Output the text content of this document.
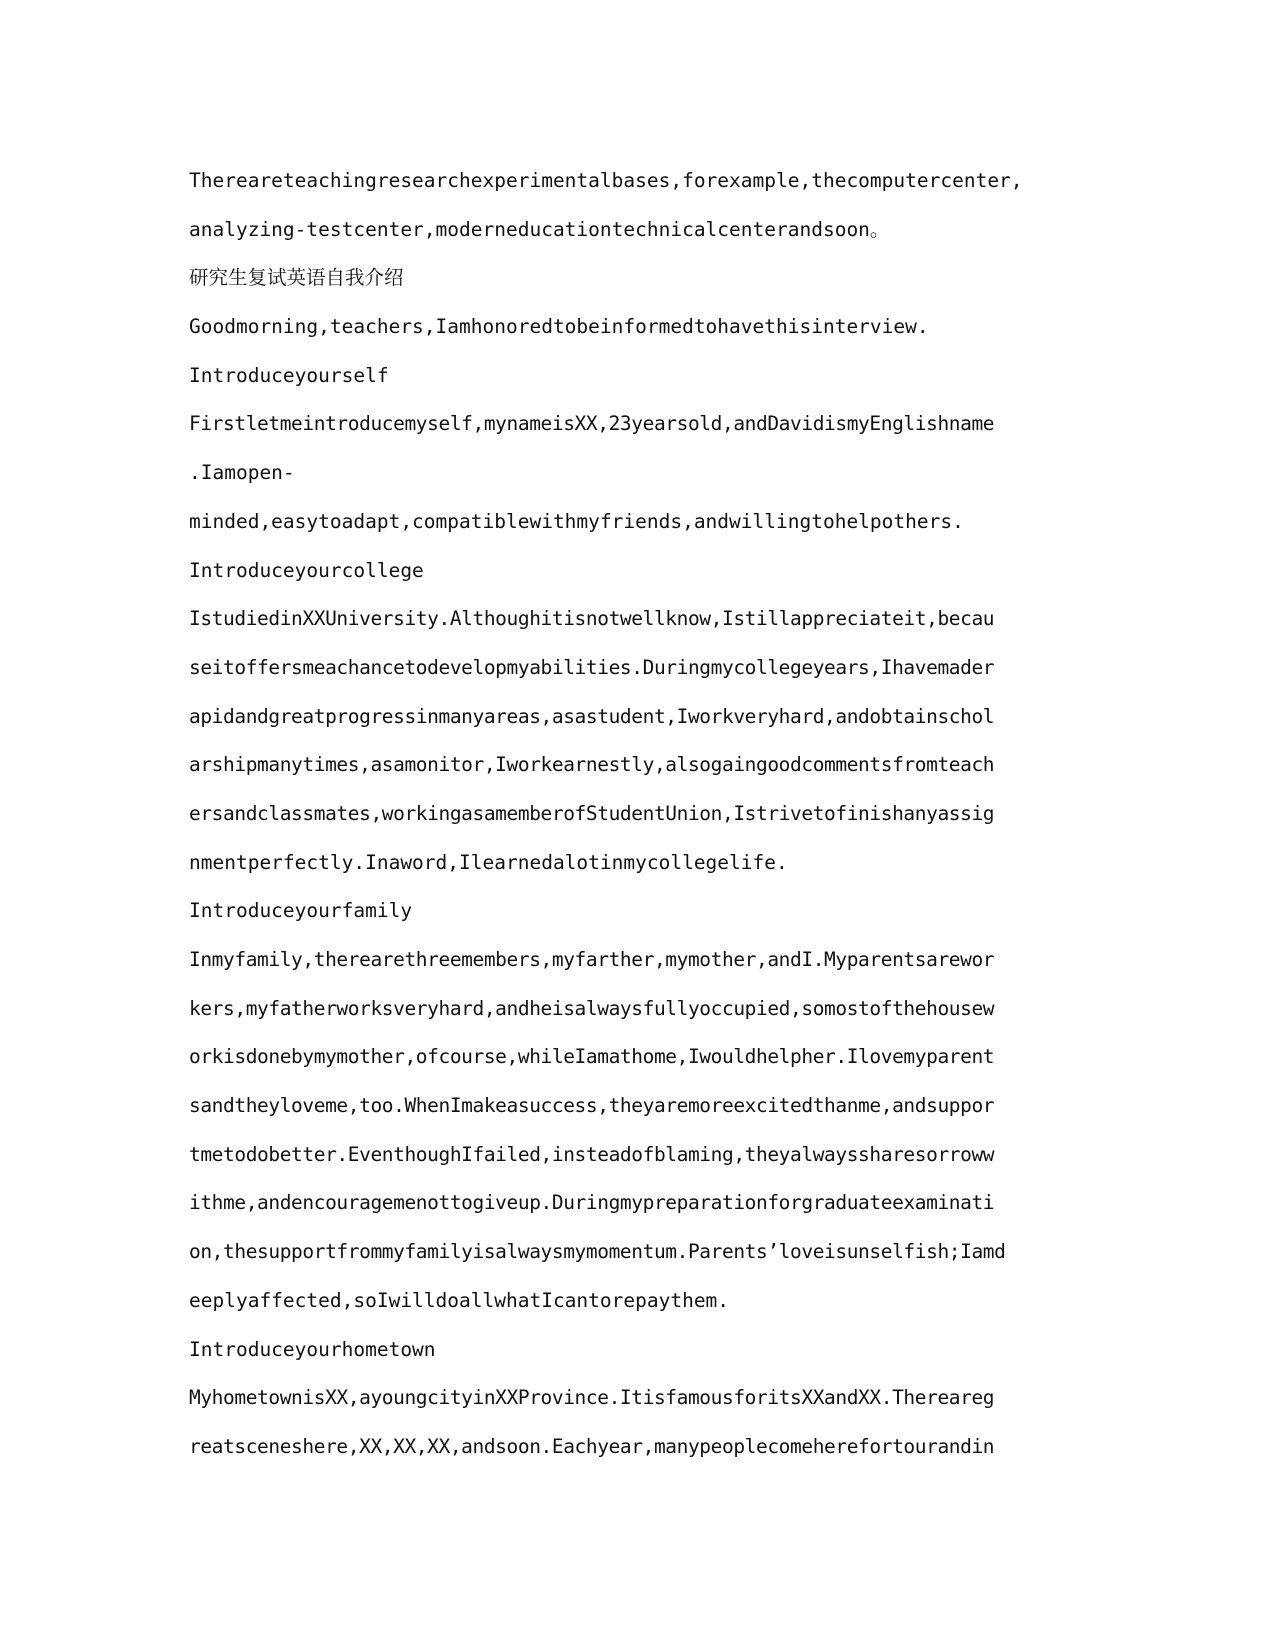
Thereareteachingresearchexperimentalbases,forexample,thecomputercenter,
analyzing-testcenter,moderneducationtechnicalcenterandsoon。
研究生复试英语自我介绍
Goodmorning,teachers,Iamhonoredtobeinformedtohavethisinterview.
Introduceyourself
Firstletmeintroducemyself,mynameisXX,23yearsold,andDavidismyEnglishname
.Iamopen-
minded,easytoadapt,compatiblewithmyfriends,andwillingtohelpothers.
Introduceyourcollege
IstudiedinXXUniversity.Althoughitisnotwellknow,Istillappreciateit,becau
seitoffersmeachancetodevelopmyabilities.Duringmycollegeyears,Ihavemader
apidandgreatprogressinmanyareas,asastudent,Iworkveryhard,andobtainschol
arshipmanytimes,asamonitor,Iworkearnestly,alsogaingoodcommentsfromteach
ersandclassmates,workingasamemberofStudentUnion,Istrivetofinishanyassig
nmentperfectly.Inaword,Ilearnedalotinmycollegelife.
Introduceyourfamily
Inmyfamily,therearethreemembers,myfarther,mymother,andI.Myparentsarewor
kers,myfatherworksveryhard,andheisalwaysfullyoccupied,somostofthehousew
orkisdonebymymother,ofcourse,whileIamathome,Iwouldhelpher.Ilovemyparent
sandtheyloveme,too.WhenImakeasuccess,theyaremoreexcitedthanme,andsuppor
tmetodobetter.EventhoughIfailed,insteadofblaming,theyalwayssharesorroww
ithme,andencouragemenottogiveup.Duringmypreparationforgraduateexaminati
on,thesupportfrommyfamilyisalwaysmymomentum.Parents’loveisunselfish;Iamd
eeplyaffected,soIwilldoallwhatIcantorepaythem.
Introduceyourhometown
MyhometownisXX,ayoungcityinXXProvince.ItisfamousforitsXXandXX.Thereareg
reatsceneshere,XX,XX,XX,andsoon.Eachyear,manypeoplecomeherefortourandin
